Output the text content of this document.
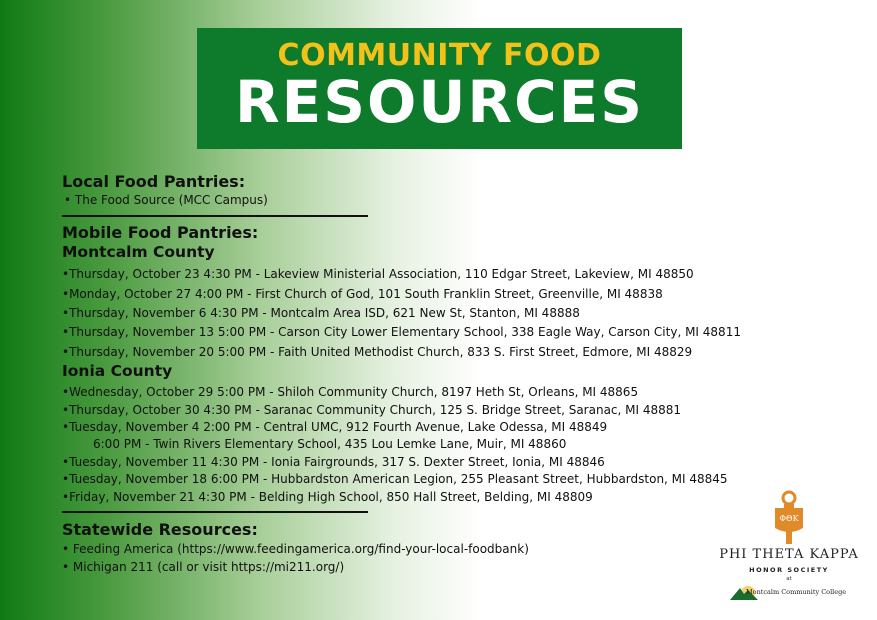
COMMUNITY FOOD
RESOURCES
Local Food Pantries:
• The Food Source (MCC Campus)
Mobile Food Pantries:
Montcalm County
•Thursday, October 23 4:30 PM - Lakeview Ministerial Association, 110 Edgar Street, Lakeview, MI 48850
•Monday, October 27 4:00 PM - First Church of God, 101 South Franklin Street, Greenville, MI 48838
•Thursday, November 6 4:30 PM - Montcalm Area ISD, 621 New St, Stanton, MI 48888
•Thursday, November 13 5:00 PM - Carson City Lower Elementary School, 338 Eagle Way, Carson City, MI 48811
•Thursday, November 20 5:00 PM - Faith United Methodist Church, 833 S. First Street, Edmore, MI 48829
Ionia County
•Wednesday, October 29 5:00 PM - Shiloh Community Church, 8197 Heth St, Orleans, MI 48865
•Thursday, October 30 4:30 PM - Saranac Community Church, 125 S. Bridge Street, Saranac, MI 48881
•Tuesday, November 4 2:00 PM - Central UMC, 912 Fourth Avenue, Lake Odessa, MI 48849
6:00 PM - Twin Rivers Elementary School, 435 Lou Lemke Lane, Muir, MI 48860
•Tuesday, November 11 4:30 PM - Ionia Fairgrounds, 317 S. Dexter Street, Ionia, MI 48846
•Tuesday, November 18 6:00 PM - Hubbardston American Legion, 255 Pleasant Street, Hubbardston, MI 48845
•Friday, November 21 4:30 PM - Belding High School, 850 Hall Street, Belding, MI 48809
Statewide Resources:
• Feeding America (https://www.feedingamerica.org/find-your-local-foodbank)
• Michigan 211 (call or visit https://mi211.org/)
ΦΘΚ
PHI THETA KAPPA
HONOR SOCIETY
at
Montcalm Community College
